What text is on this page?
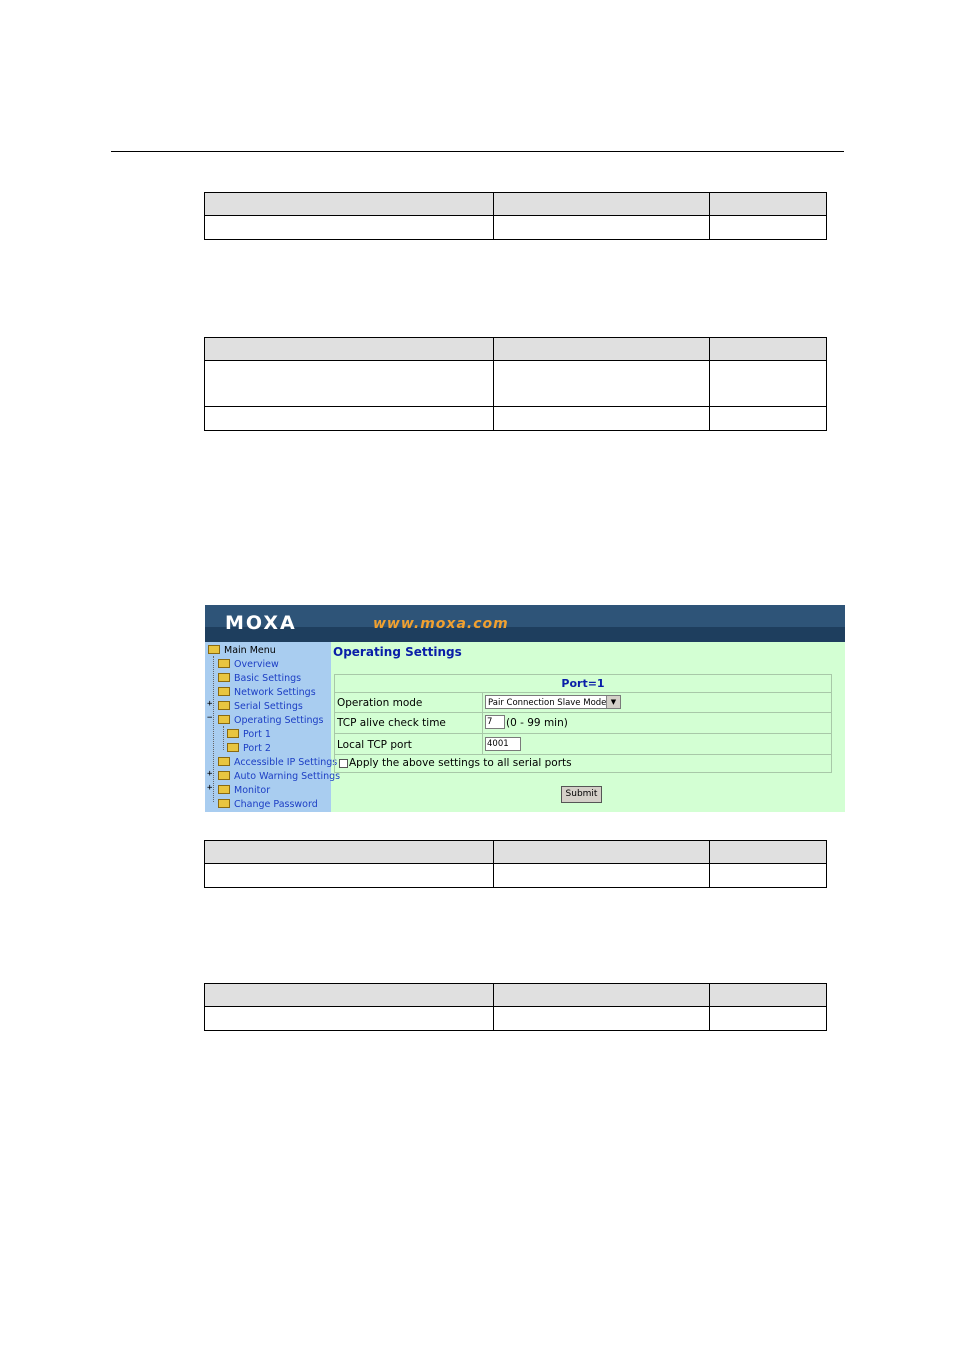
MOXA	www.moxa.com
Main Menu
Overview
Basic Settings
Network Settings
+	Serial Settings
−	Operating Settings
Port 1
Port 2
Accessible IP Settings
+	Auto Warning Settings
+	Monitor
Change Password
Operating Settings
Port=1
Operation mode	Pair Connection Slave Mode ▼
TCP alive check time	7	(0 - 99 min)
Local TCP port	4001
Apply the above settings to all serial ports
Submit
